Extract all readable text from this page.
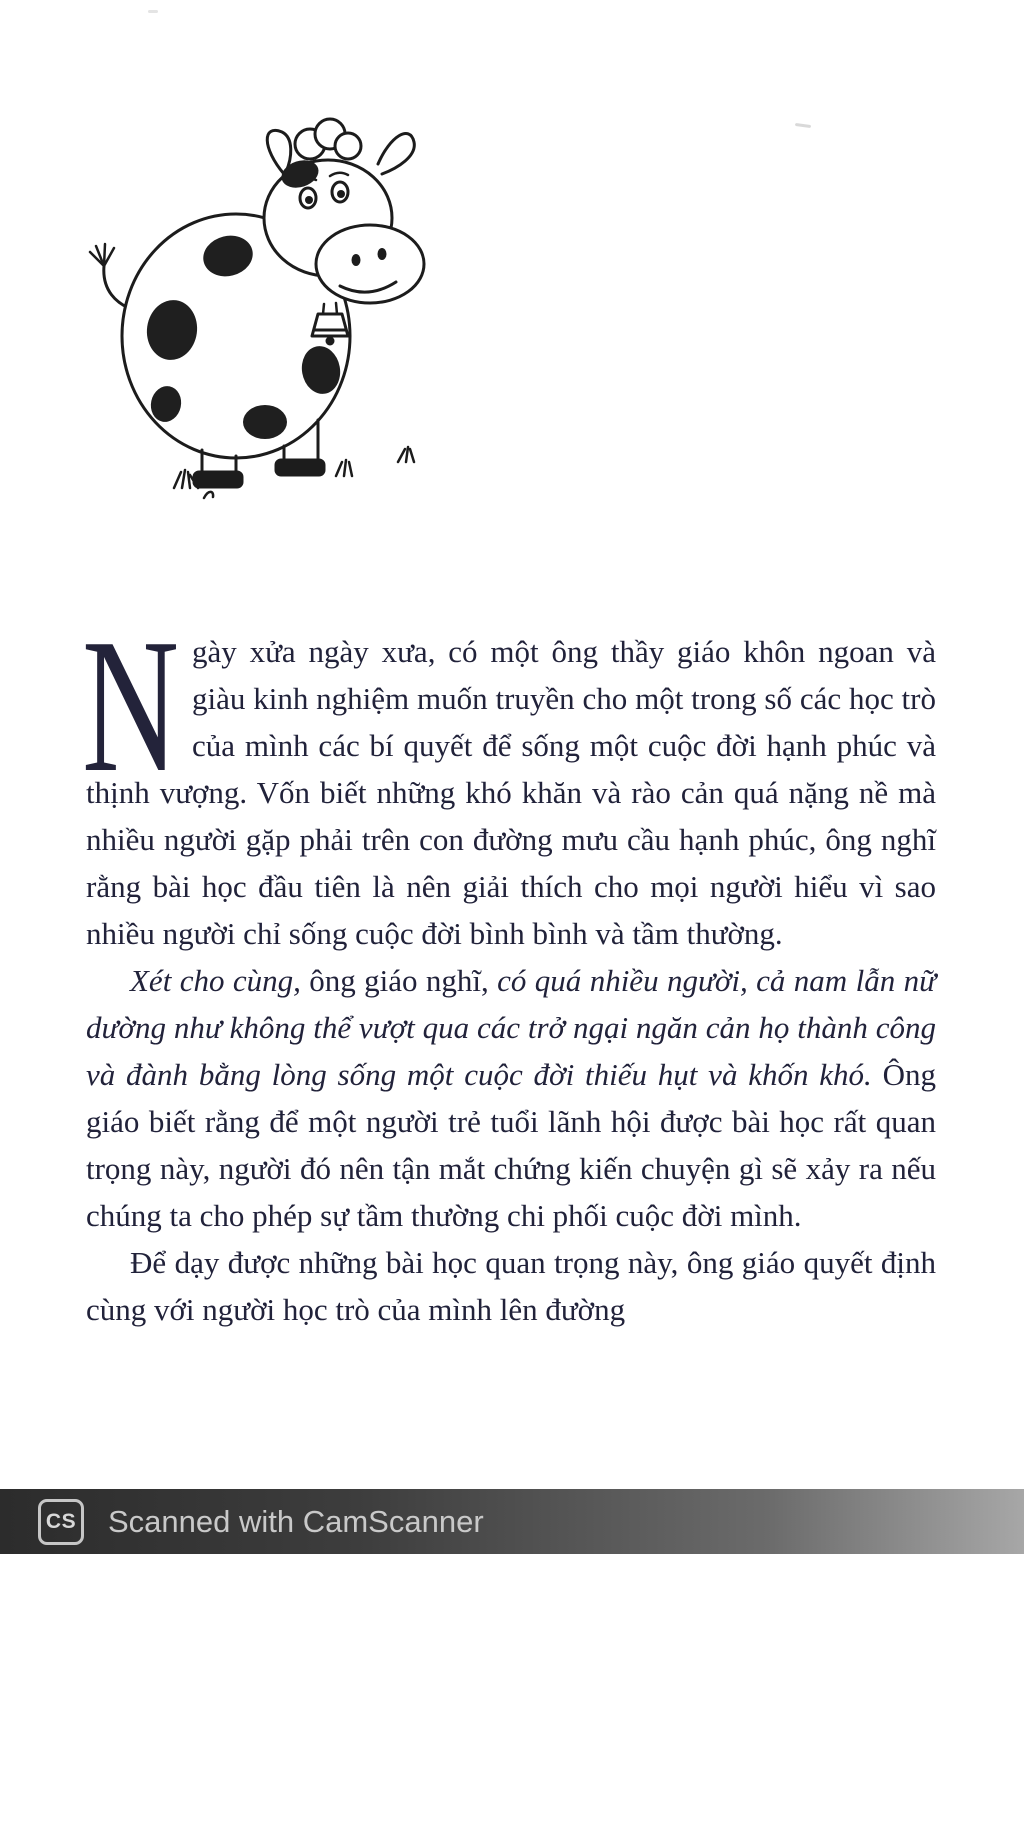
N gày xửa ngày xưa, có một ông thầy giáo khôn ngoan và giàu kinh nghiệm muốn truyền cho một trong số các học trò của mình các bí quyết để sống một cuộc đời hạnh phúc và thịnh vượng. Vốn biết những khó khăn và rào cản quá nặng nề mà nhiều người gặp phải trên con đường mưu cầu hạnh phúc, ông nghĩ rằng bài học đầu tiên là nên giải thích cho mọi người hiểu vì sao nhiều người chỉ sống cuộc đời bình bình và tầm thường.

Xét cho cùng, ông giáo nghĩ, có quá nhiều người, cả nam lẫn nữ dường như không thể vượt qua các trở ngại ngăn cản họ thành công và đành bằng lòng sống một cuộc đời thiếu hụt và khốn khó. Ông giáo biết rằng để một người trẻ tuổi lãnh hội được bài học rất quan trọng này, người đó nên tận mắt chứng kiến chuyện gì sẽ xảy ra nếu chúng ta cho phép sự tầm thường chi phối cuộc đời mình.

Để dạy được những bài học quan trọng này, ông giáo quyết định cùng với người học trò của mình lên đường

CS Scanned with CamScanner
